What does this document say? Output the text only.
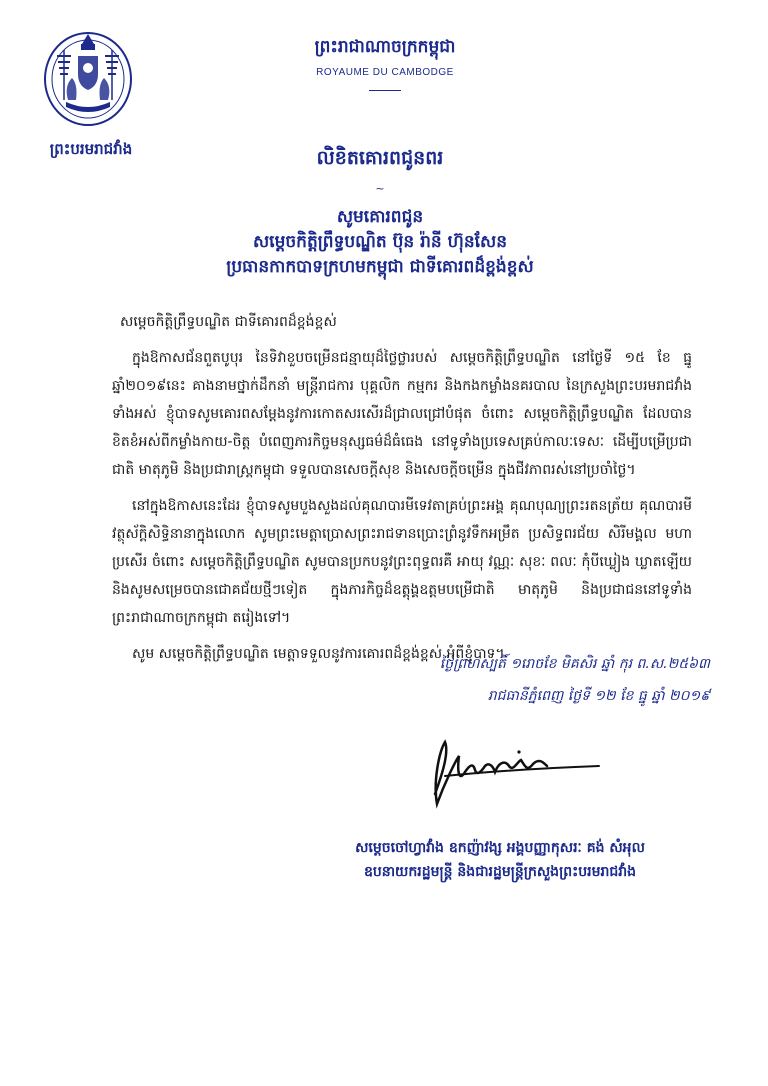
ព្រះបរមរាជវាំង
ព្រះរាជាណាចក្រកម្ពុជា
ROYAUME DU CAMBODGE
លិខិតគោរពជូនពរ
~
សូមគោរពជូន
សម្តេចកិត្តិព្រឹទ្ធបណ្ឌិត ប៊ុន រ៉ានី ហ៊ុនសែន
ប្រធានកាកបាទក្រហមកម្ពុជា ជាទីគោរពដ៏ខ្ពង់ខ្ពស់
សម្តេចកិត្តិព្រឹទ្ធបណ្ឌិត ជាទីគោរពដ៏ខ្ពង់ខ្ពស់
ក្នុងឱកាសជ័នពួតបូបុរ នៃទិវាខួបចម្រើនជន្មាយុដ៏ថ្លៃថ្លារបស់ សម្តេចកិត្តិព្រឹទ្ធបណ្ឌិត នៅថ្ងៃទី ១៥ ខែ ធ្នូ ឆ្នាំ២០១៩នេះ គាងនាមថ្នាក់ដឹកនាំ មន្ត្រីរាជការ បុគ្គលិក កម្មករ និងកងកម្លាំងនគរបាល នៃក្រសួងព្រះបរមរាជវាំង ទាំងអស់ ខ្ញុំបាទសូមគោរពសម្តែងនូវការកោតសរសើរដ៏ជ្រាលជ្រៅបំផុត ចំពោះ សម្តេចកិត្តិព្រឹទ្ធបណ្ឌិត ដែលបាន ខិតខំអស់ពីកម្លាំងកាយ-ចិត្ត បំពេញភារកិច្ចមនុស្សធម៌ដ៏ធំធេង នៅទូទាំងប្រទេសគ្រប់កាលៈទេសៈ ដើម្បីបម្រើប្រជា ជាតិ មាតុភូមិ និងប្រជារាស្ត្រកម្ពុជា ទទួលបានសេចក្តីសុខ និងសេចក្តីចម្រើន ក្នុងជីវភាពរស់នៅប្រចាំថ្ងៃ។
នៅក្នុងឱកាសនេះដែរ ខ្ញុំបាទសូមបួងសួងដល់គុណបារមីទេវតាគ្រប់ព្រះអង្គ គុណបុណ្យព្រះរតនត្រ័យ គុណបារមីវត្ថុស័ក្តិសិទ្ធិនានាក្នុងលោក សូមព្រះមេត្តាប្រោសព្រះរាជទានប្រោះព្រំនូវទឹកអម្រឹត ប្រសិទ្ធពរជ័យ សិរីមង្គល មហាប្រសើរ ចំពោះ សម្តេចកិត្តិព្រឹទ្ធបណ្ឌិត សូមបានប្រកបនូវព្រះពុទ្ធពរគឺ អាយុ វណ្ណៈ សុខៈ ពលៈ កុំបីឃ្លៀង ឃ្លាតឡើយ និងសូមសម្រេចបានជោគជ័យថ្មីៗទៀត ក្នុងភារកិច្ចដ៏ឧត្តុង្គឧត្តមបម្រើជាតិ មាតុភូមិ និងប្រជាជននៅទូទាំង ព្រះរាជាណាចក្រកម្ពុជា តរៀងទៅ។
សូម សម្តេចកិត្តិព្រឹទ្ធបណ្ឌិត មេត្តាទទួលនូវការគោរពដ៏ខ្ពង់ខ្ពស់ អំពីខ្ញុំបាទ។
ថ្ងៃព្រហស្បតិ៍ ១រោចខែ មិគសិរ ឆ្នាំ កុរ ព.ស.២៥៦៣
រាជធានីភ្នំពេញ ថ្ងៃទី ១២ ខែ ធ្នូ ឆ្នាំ ២០១៩
សម្តេចចៅហ្វាវាំង ឧកញ៉ាវង្ស អង្គបញ្ញាកុសរៈ គង់ សំអុល
ឧបនាយករដ្ឋមន្ត្រី និងជារដ្ឋមន្ត្រីក្រសួងព្រះបរមរាជវាំង
